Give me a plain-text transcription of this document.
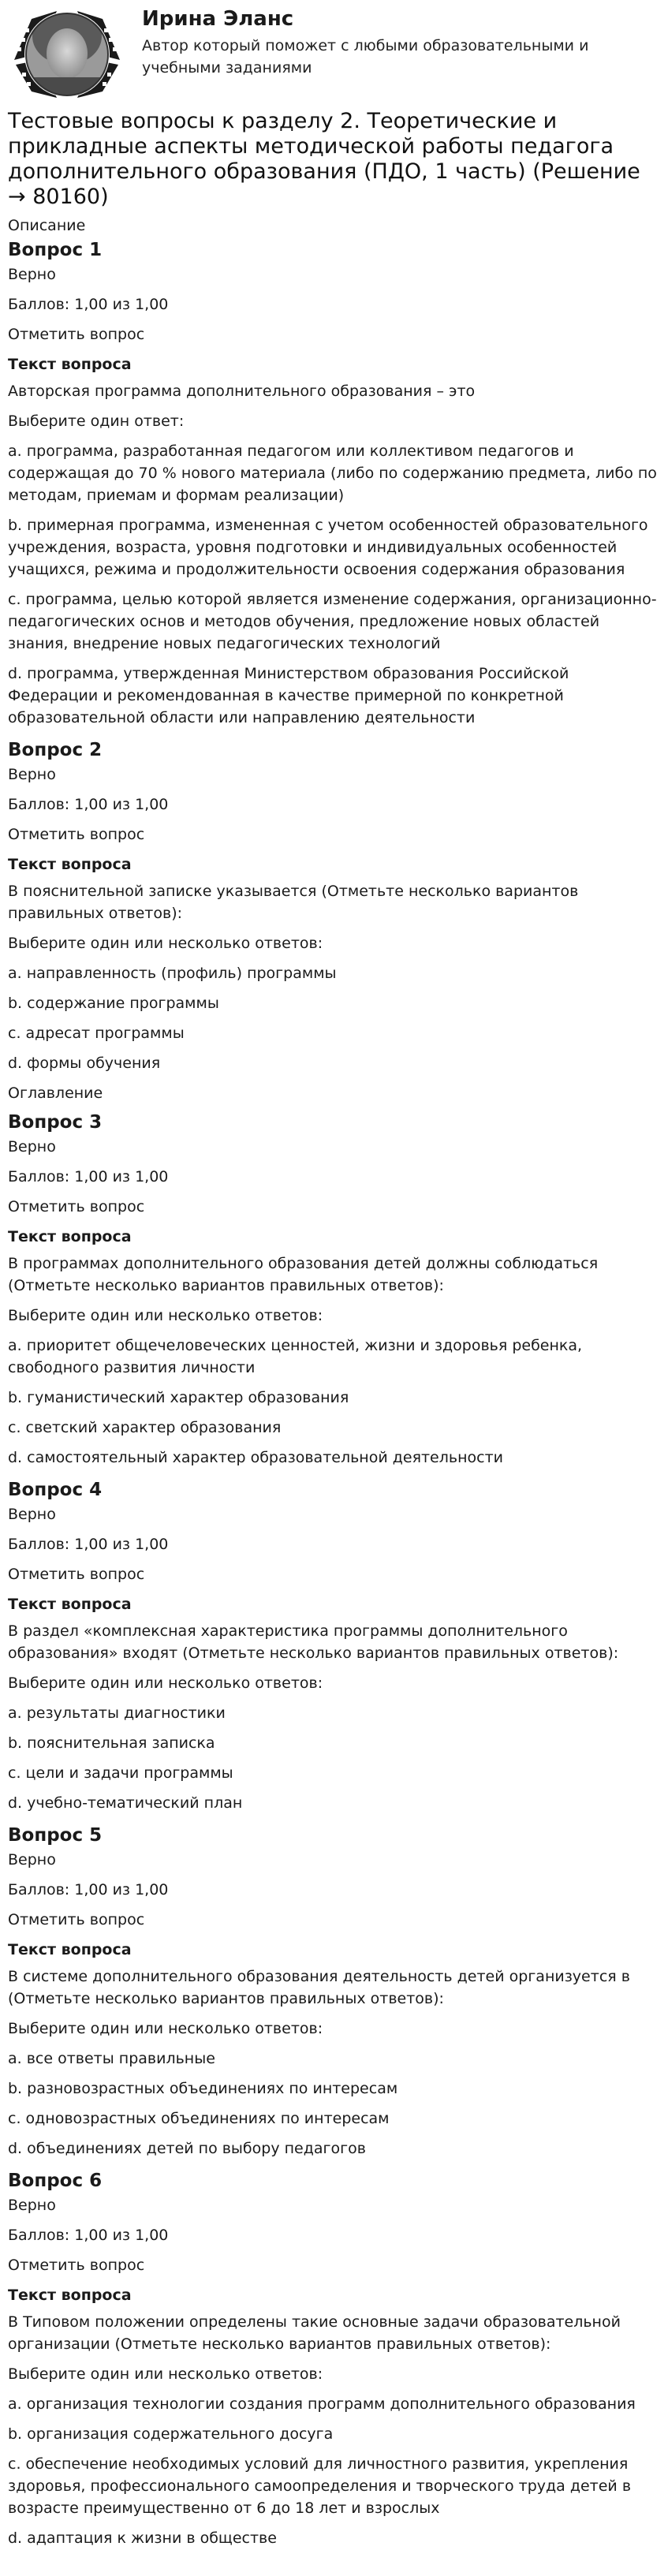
Ирина Эланс
Автор который поможет с любыми образовательными и учебными заданиями
Тестовые вопросы к разделу 2. Теоретические и прикладные аспекты методической работы педагога дополнительного образования (ПДО, 1 часть) (Решение → 80160)
Описание
Вопрос 1
Верно
Баллов: 1,00 из 1,00
Отметить вопрос
Текст вопроса
Авторская программа дополнительного образования – это
Выберите один ответ:
a. программа, разработанная педагогом или коллективом педагогов и содержащая до 70 % нового материала (либо по содержанию предмета, либо по методам, приемам и формам реализации)
b. примерная программа, измененная с учетом особенностей образовательного учреждения, возраста, уровня подготовки и индивидуальных особенностей учащихся, режима и продолжительности освоения содержания образования
c. программа, целью которой является изменение содержания, организационно-педагогических основ и методов обучения, предложение новых областей знания, внедрение новых педагогических технологий
d. программа, утвержденная Министерством образования Российской Федерации и рекомендованная в качестве примерной по конкретной образовательной области или направлению деятельности
Вопрос 2
Верно
Баллов: 1,00 из 1,00
Отметить вопрос
Текст вопроса
В пояснительной записке указывается (Отметьте несколько вариантов правильных ответов):
Выберите один или несколько ответов:
a. направленность (профиль) программы
b. содержание программы
c. адресат программы
d. формы обучения
Оглавление
Вопрос 3
Верно
Баллов: 1,00 из 1,00
Отметить вопрос
Текст вопроса
В программах дополнительного образования детей должны соблюдаться (Отметьте несколько вариантов правильных ответов):
Выберите один или несколько ответов:
a. приоритет общечеловеческих ценностей, жизни и здоровья ребенка, свободного развития личности
b. гуманистический характер образования
c. светский характер образования
d. самостоятельный характер образовательной деятельности
Вопрос 4
Верно
Баллов: 1,00 из 1,00
Отметить вопрос
Текст вопроса
В раздел «комплексная характеристика программы дополнительного образования» входят (Отметьте несколько вариантов правильных ответов):
Выберите один или несколько ответов:
a. результаты диагностики
b. пояснительная записка
c. цели и задачи программы
d. учебно-тематический план
Вопрос 5
Верно
Баллов: 1,00 из 1,00
Отметить вопрос
Текст вопроса
В системе дополнительного образования деятельность детей организуется в (Отметьте несколько вариантов правильных ответов):
Выберите один или несколько ответов:
a. все ответы правильные
b. разновозрастных объединениях по интересам
c. одновозрастных объединениях по интересам
d. объединениях детей по выбору педагогов
Вопрос 6
Верно
Баллов: 1,00 из 1,00
Отметить вопрос
Текст вопроса
В Типовом положении определены такие основные задачи образовательной организации (Отметьте несколько вариантов правильных ответов):
Выберите один или несколько ответов:
a. организация технологии создания программ дополнительного образования
b. организация содержательного досуга
c. обеспечение необходимых условий для личностного развития, укрепления здоровья, профессионального самоопределения и творческого труда детей в возрасте преимущественно от 6 до 18 лет и взрослых
d. адаптация к жизни в обществе
